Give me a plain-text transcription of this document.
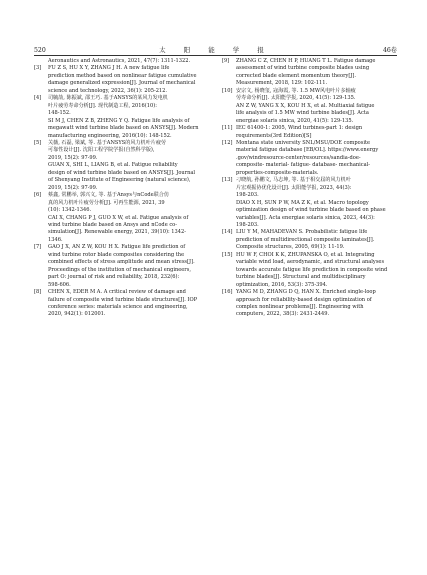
520	太 阳 能 学 报	46卷
Aeronautics and Astronautics, 2021, 47(7): 1311-1322.
[3]	FU Z S, HU X Y, ZHANG J H. A new fatigue life
prediction method based on nonlinear fatigue cumulative
damage generalized expression[J]. Journal of mechanical
science and technology, 2022, 36(1): 205-212.
[4]	司毓劼, 陈振斌, 邵王巧. 基于ANSYS的某风力发电机
叶片疲劳寿命分析[J]. 现代制造工程, 2016(10):
148-152.
SI M J, CHEN Z B, ZHENG Y Q. Fatigue life analysis of
megawatt wind turbine blade based on ANSYS[J]. Modern
manufacturing engineering, 2016(10): 148-152.
[5]	关薇, 石磊, 梁斌, 等. 基于ANSYS的风力机叶片疲劳
可靠性设计[J]. 沈阳工程学院学报(自然科学版),
2019, 15(2): 97-99.
GUAN X, SHI L, LIANG B, et al. Fatigue reliability
design of wind turbine blade based on ANSYS[J]. Journal
of Shenyang Institute of Engineering (natural science),
2019, 15(2): 97-99.
[6]	蔡鑫, 常鹏举, 郭兴文, 等. 基于Ansys与nCode联合仿
真的风力机叶片疲劳分析[J]. 可再生能源, 2021, 39
(10): 1342-1346.
CAI X, CHANG P J, GUO X W, et al. Fatigue analysis of
wind turbine blade based on Ansys and nCode co-
simulation[J]. Renewable energy, 2021, 39(10): 1342-
1346.
[7]	GAO J X, AN Z W, KOU H X. Fatigue life prediction of
wind turbine rotor blade composites considering the
combined effects of stress amplitude and mean stress[J].
Proceedings of the institution of mechanical engineers,
part O: journal of risk and reliability, 2018, 232(6):
598-606.
[8]	CHEN X, EDER M A. A critical review of damage and
failure of composite wind turbine blade structures[J]. IOP
conference series: materials science and engineering,
2020, 942(1): 012001.
[9]	ZHANG C Z, CHEN H P, HUANG T L. Fatigue damage
assessment of wind turbine composite blades using
corrected blade element momentum theory[J].
Measurement, 2018, 129: 102-111.
[10] 安宗文, 杨晓玺, 寇海霞, 等. 1.5 MW风电叶片多轴疲
劳寿命分析[J]. 太阳能学报, 2020, 41(5): 129-135.
AN Z W, YANG X X, KOU H X, et al. Multiaxial fatigue
life analysis of 1.5 MW wind turbine blades[J]. Acta
energiae solaris sinica, 2020, 41(5): 129-135.
[11] IEC 61400-1: 2005, Wind turbines-part 1: design
requirements(3rd Edition)[S]
[12] Montana state university SNL/MSU/DOE composite
material fatigue database [EB/OL]. https://www.energy
.gov/windresource-center/resources/sandia-doe-
composite- material- fatigue- database- mechanical-
properties-composite-materials.
[13] 刁晓航, 孙鹏文, 马志坤, 等. 基于相交届的风力机叶
片宏观振协优化设计[J]. 太阳能学报, 2023, 44(3):
198-203.
DIAO X H, SUN P W, MA Z K, et al. Macro topology
optimization design of wind turbine blade based on phase
variables[J]. Acta energiae solaris sinica, 2023, 44(3):
198-203.
[14] LIU Y M, MAHADEVAN S. Probabilistic fatigue life
prediction of multidirectional composite laminates[J].
Composite structures, 2005, 69(1): 11-19.
[15] HU W F, CHOI K K, ZHUPANSKA O, et al. Integrating
variable wind load, aerodynamic, and structural analyses
towards accurate fatigue life prediction in composite wind
turbine blades[J]. Structural and multidisciplinary
optimization, 2016, 53(3): 375-394.
[16] YANG M D, ZHANG D Q, HAN X. Enriched single-loop
approach for reliability-based design optimization of
complex nonlinear problems[J]. Engineering with
computers, 2022, 38(3): 2431-2449.
